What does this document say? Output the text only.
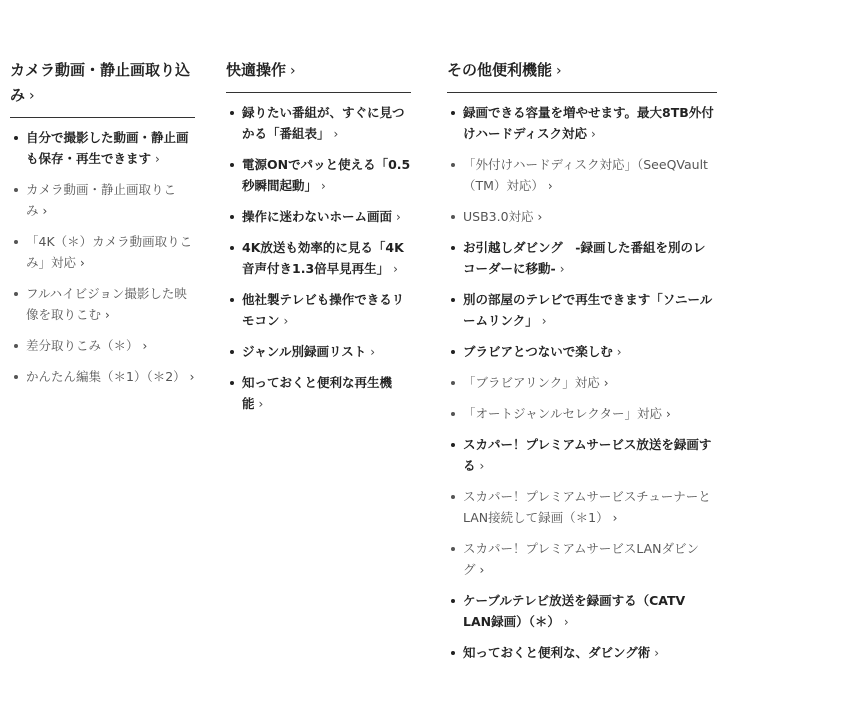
カメラ動画・静止画取り込み ›
自分で撮影した動画・静止画も保存・再生できます ›
カメラ動画・静止画取りこみ ›
「4K（＊）カメラ動画取りこみ」対応 ›
フルハイビジョン撮影した映像を取りこむ ›
差分取りこみ（＊） ›
かんたん編集（＊1）（＊2） ›
快適操作 ›
録りたい番組が、すぐに見つかる「番組表」 ›
電源ONでパッと使える「0.5秒瞬間起動」 ›
操作に迷わないホーム画面 ›
4K放送も効率的に見る「4K音声付き1.3倍早見再生」 ›
他社製テレビも操作できるリモコン ›
ジャンル別録画リスト ›
知っておくと便利な再生機能 ›
その他便利機能 ›
録画できる容量を増やせます。最大8TB外付けハードディスク対応 ›
「外付けハードディスク対応」（SeeQVault（TM）対応） ›
USB3.0対応 ›
お引越しダビング　-録画した番組を別のレコーダーに移動- ›
別の部屋のテレビで再生できます「ソニールームリンク」 ›
ブラビアとつないで楽しむ ›
「ブラビアリンク」対応 ›
「オートジャンルセレクター」対応 ›
スカパー！プレミアムサービス放送を録画する ›
スカパー！プレミアムサービスチューナーとLAN接続して録画（＊1） ›
スカパー！プレミアムサービスLANダビング ›
ケーブルテレビ放送を録画する（CATV LAN録画）（＊） ›
知っておくと便利な、ダビング術 ›
